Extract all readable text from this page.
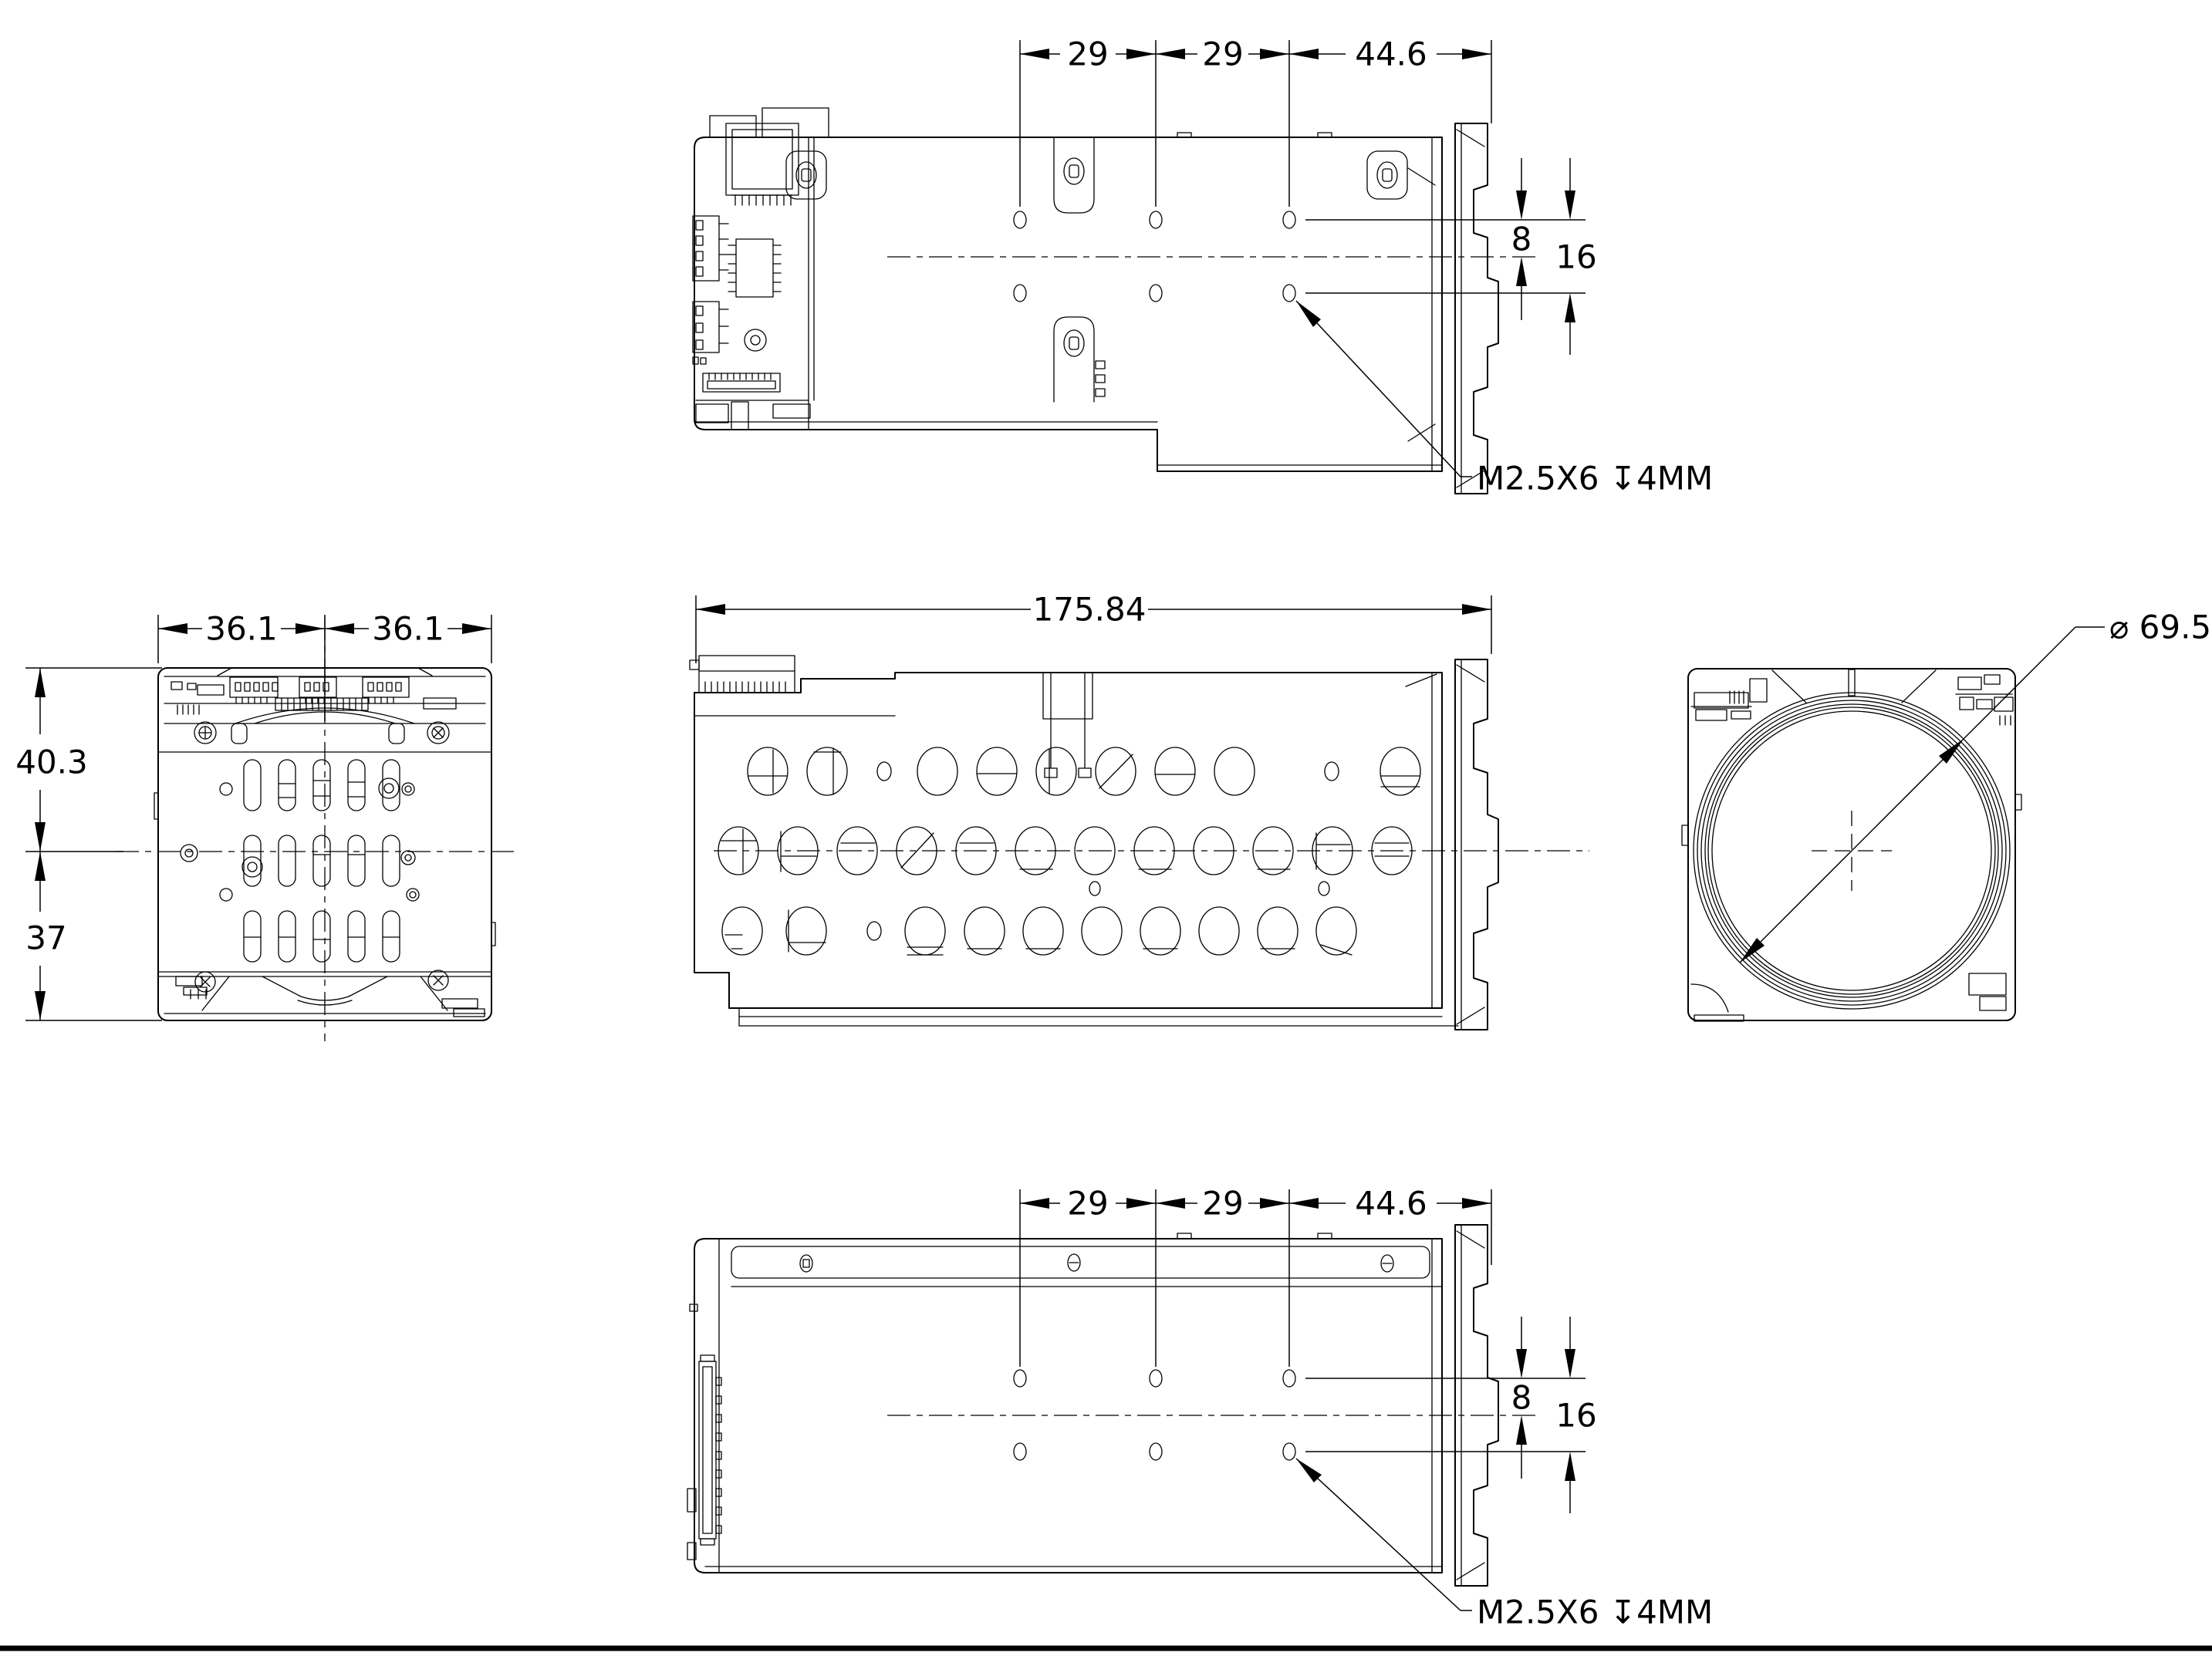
29	29	44.6
8 16
M2.5X6 ↧4MM
36.1	36.1
40.3
37
175.84	⌀ 69.5
29	29	44.6
8 16
M2.5X6 ↧4MM
